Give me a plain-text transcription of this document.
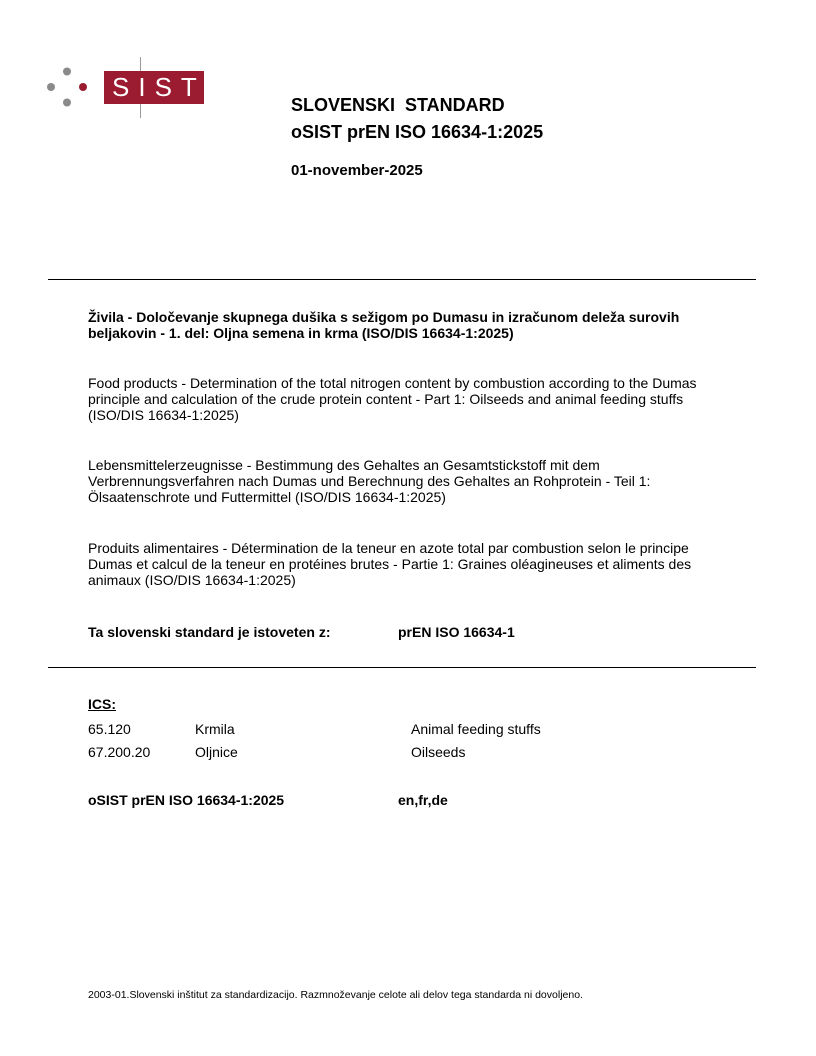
SIST
SLOVENSKI  STANDARD
oSIST prEN ISO 16634-1:2025
01-november-2025
Živila - Določevanje skupnega dušika s sežigom po Dumasu in izračunom deleža surovih beljakovin - 1. del: Oljna semena in krma (ISO/DIS 16634-1:2025)
Food products - Determination of the total nitrogen content by combustion according to the Dumas principle and calculation of the crude protein content - Part 1: Oilseeds and animal feeding stuffs (ISO/DIS 16634-1:2025)
Lebensmittelerzeugnisse - Bestimmung des Gehaltes an Gesamtstickstoff mit dem Verbrennungsverfahren nach Dumas und Berechnung des Gehaltes an Rohprotein - Teil 1: Ölsaatenschrote und Futtermittel (ISO/DIS 16634-1:2025)
Produits alimentaires - Détermination de la teneur en azote total par combustion selon le principe Dumas et calcul de la teneur en protéines brutes - Partie 1: Graines oléagineuses et aliments des animaux (ISO/DIS 16634-1:2025)
Ta slovenski standard je istoveten z:	prEN ISO 16634-1
ICS:
65.120	Krmila	Animal feeding stuffs
67.200.20	Oljnice	Oilseeds
oSIST prEN ISO 16634-1:2025	en,fr,de
2003-01.Slovenski inštitut za standardizacijo. Razmnoževanje celote ali delov tega standarda ni dovoljeno.
